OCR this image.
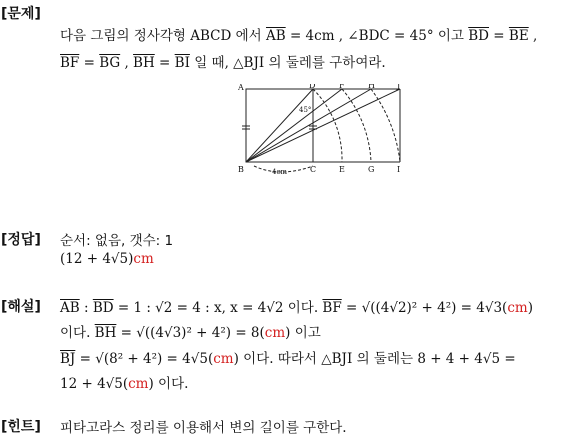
[문제]
다음 그림의 정사각형 ABCD 에서 $\overline{AB} = 4cm$ , ∠BDC = 45° 이고 $\overline{BD} = \overline{BE}$ ,
$\overline{BF} = \overline{BG}$ , $\overline{BH} = \overline{BI}$ 일 때, △BJI 의 둘레를 구하여라.
A
B	C
D
E
F
G
H
I
J
45°
4cm
[정답] 순서: 없음, 갯수: 1
(12 + 4√5)cm
[해설] $\overline{AB}$ : $\overline{BD} = 1$ : √2 = 4 : x, x = 4√2 이다. $\overline{BF} = √((4√2)^2 + 4^2) = 4√3(cm)$
이다. $\overline{BH} = √((4√3)^2 + 4^2) = 8(cm)$ 이고
$\overline{BJ} = √(8^2 + 4^2) = 4√5(cm)$ 이다. 따라서 △BJI 의 둘레는 8 + 4 + 4√5 =
12 + 4√5(cm) 이다.
[힌트] 피타고라스 정리를 이용해서 변의 길이를 구한다.
